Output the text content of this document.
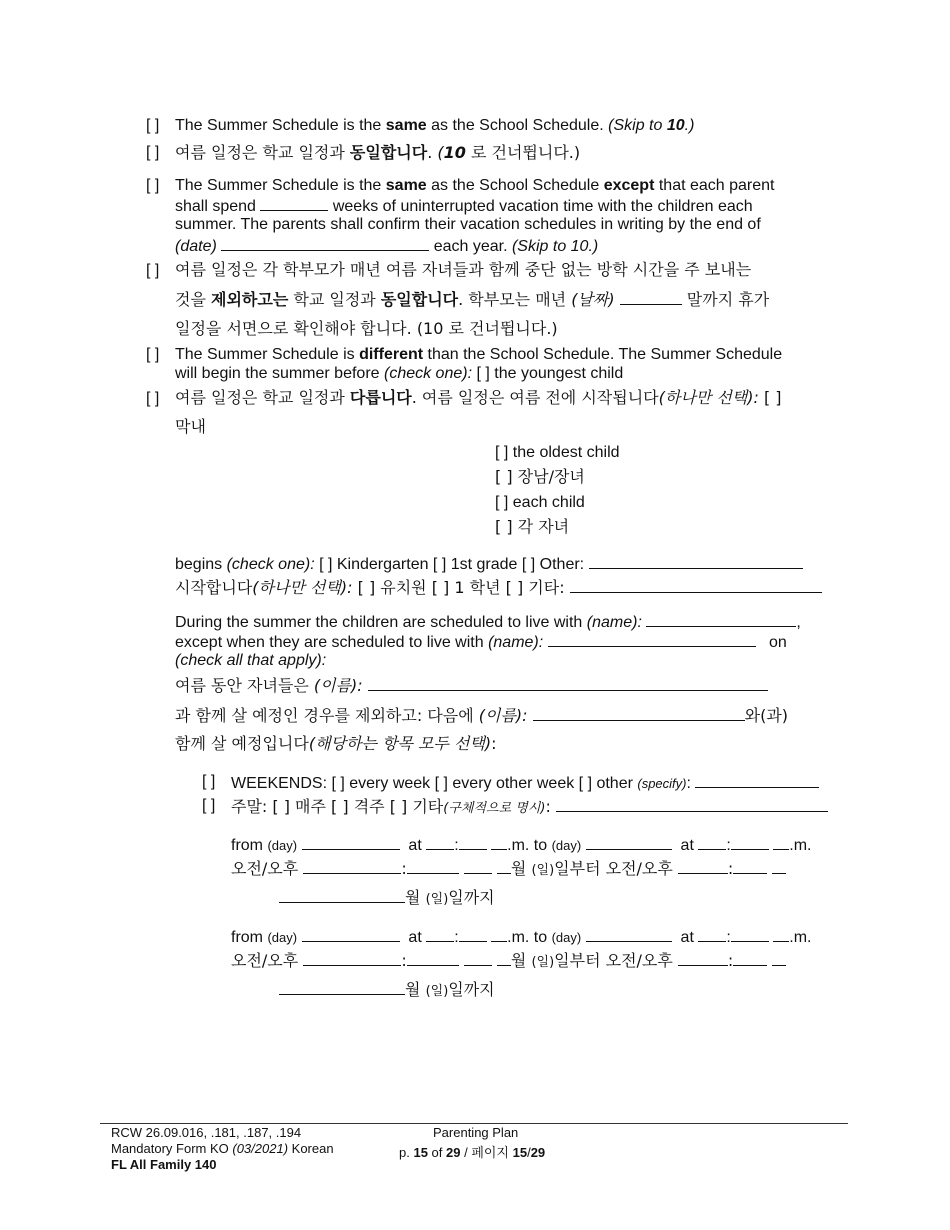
[ ] The Summer Schedule is the same as the School Schedule. (Skip to 10.)
[ ] 여름 일정은 학교 일정과 동일합니다. (10 로 건너뜁니다.)
[ ] The Summer Schedule is the same as the School Schedule except that each parent
shall spend	weeks of uninterrupted vacation time with the children each
summer. The parents shall confirm their vacation schedules in writing by the end of
(date)	each year. (Skip to 10.)
[ ] 여름 일정은 각 학부모가 매년 여름 자녀들과 함께 중단 없는 방학 시간을 주 보내는
것을 제외하고는 학교 일정과 동일합니다. 학부모는 매년 (날짜)	말까지 휴가
일정을 서면으로 확인해야 합니다. (10 로 건너뜁니다.)
[ ] The Summer Schedule is different than the School Schedule. The Summer Schedule
will begin the summer before (check one): [ ] the youngest child
[ ] 여름 일정은 학교 일정과 다릅니다. 여름 일정은 여름 전에 시작됩니다(하나만 선택): [ ]
막내
[ ] the oldest child
[ ] 장남/장녀
[ ] each child
[ ] 각 자녀
begins (check one): [ ] Kindergarten [ ] 1st grade [ ] Other:
시작합니다(하나만 선택): [ ] 유치원 [ ] 1 학년 [ ] 기타:
During the summer the children are scheduled to live with (name):	,
except when they are scheduled to live with (name):	on
(check all that apply):
여름 동안 자녀들은 (이름):
과 함께 살 예정인 경우를 제외하고: 다음에 (이름):	와(과)
함께 살 예정입니다(해당하는 항목 모두 선택):
[ ] WEEKENDS: [ ] every week [ ] every other week [ ] other (specify):
[ ] 주말: [ ] 매주 [ ] 격주 [ ] 기타(구체적으로 명시):
from (day)	at :	.m. to (day)	at :	.m.
오전/오후	:	월 (일)일부터 오전/오후	:
월 (일)일까지
from (day)	at :	.m. to (day)	at :	.m.
오전/오후	:	월 (일)일부터 오전/오후	:
월 (일)일까지
RCW 26.09.016, .181, .187, .194
Mandatory Form KO (03/2021) Korean
FL All Family 140
Parenting Plan
p. 15 of 29 / 페이지 15/29
